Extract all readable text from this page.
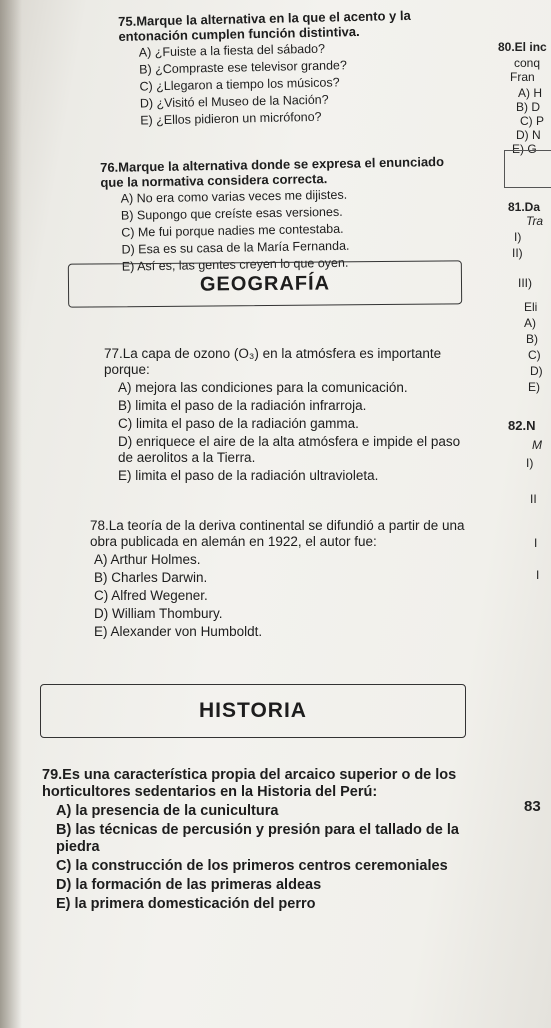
75.Marque la alternativa en la que el acento y la entonación cumplen función distintiva.
A) ¿Fuiste a la fiesta del sábado?
B) ¿Compraste ese televisor grande?
C) ¿Llegaron a tiempo los músicos?
D) ¿Visitó el Museo de la Nación?
E) ¿Ellos pidieron un micrófono?
76.Marque la alternativa donde se expresa el enunciado que la normativa considera correcta.
A) No era como varias veces me dijistes.
B) Supongo que creíste esas versiones.
C) Me fui porque nadies me contestaba.
D) Esa es su casa de la María Fernanda.
E) Así es, las gentes creyen lo que oyen.
GEOGRAFÍA
77.La capa de ozono (O₃) en la atmósfera es importante porque:
A) mejora las condiciones para la comunicación.
B) limita el paso de la radiación infrarroja.
C) limita el paso de la radiación gamma.
D) enriquece el aire de la alta atmósfera e impide el paso de aerolitos a la Tierra.
E) limita el paso de la radiación ultravioleta.
78.La teoría de la deriva continental se difundió a partir de una obra publicada en alemán en 1922, el autor fue:
A) Arthur Holmes.
B) Charles Darwin.
C) Alfred Wegener.
D) William Thombury.
E) Alexander von Humboldt.
HISTORIA
79.Es una característica propia del arcaico superior o de los horticultores sedentarios en la Historia del Perú:
A) la presencia de la cunicultura
B) las técnicas de percusión y presión para el tallado de la piedra
C) la construcción de los primeros centros ceremoniales
D) la formación de las primeras aldeas
E) la primera domesticación del perro
80.El inc
conq
Fran
A) H
B) D
C) P
D) N
E) G
81.Da
Tra
I)
II)
III)
Eli
A)
B)
C)
D)
E)
82.N
M
I)
II
I
I
83
